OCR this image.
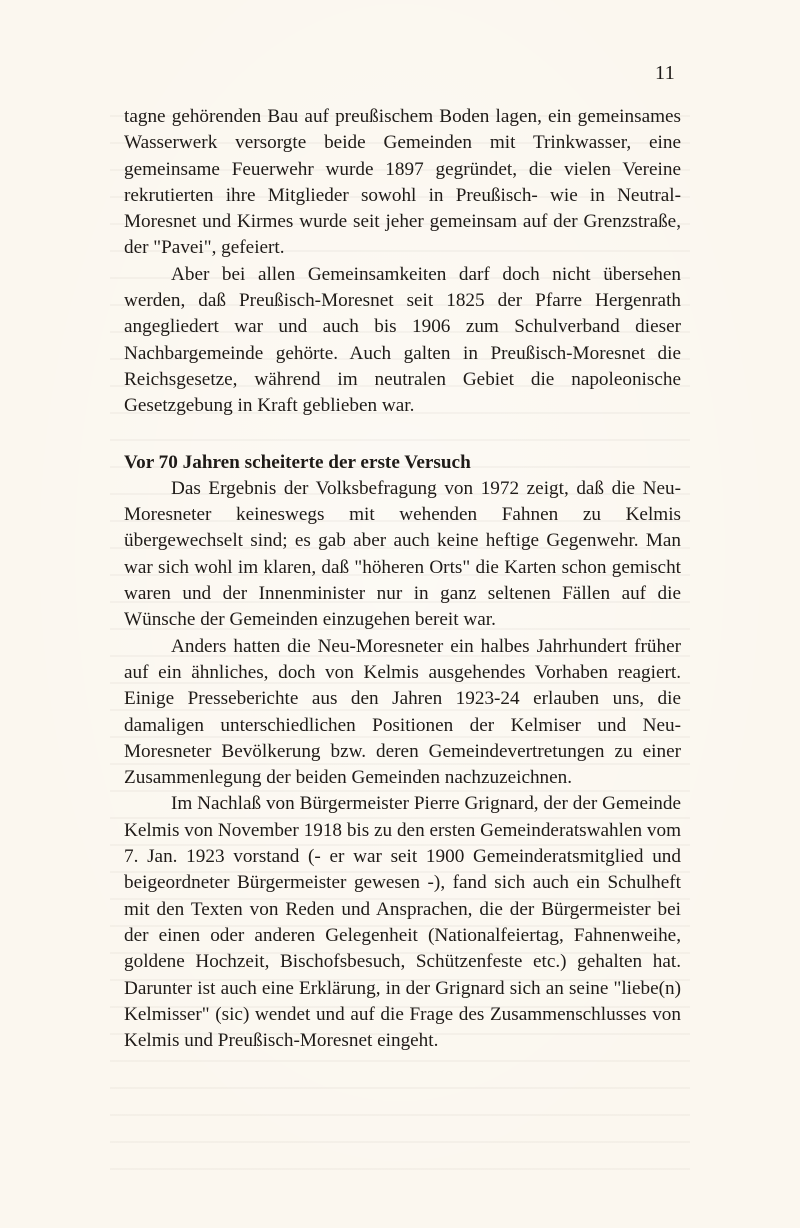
11

tagne gehörenden Bau auf preußischem Boden lagen, ein gemeinsames Wasserwerk versorgte beide Gemeinden mit Trinkwasser, eine gemeinsame Feuerwehr wurde 1897 gegründet, die vielen Vereine rekrutierten ihre Mitglieder sowohl in Preußisch- wie in Neutral-Moresnet und Kirmes wurde seit jeher gemeinsam auf der Grenzstraße, der "Pavei", gefeiert.

Aber bei allen Gemeinsamkeiten darf doch nicht übersehen werden, daß Preußisch-Moresnet seit 1825 der Pfarre Hergenrath angegliedert war und auch bis 1906 zum Schulverband dieser Nachbargemeinde gehörte. Auch galten in Preußisch-Moresnet die Reichsgesetze, während im neutralen Gebiet die napoleonische Gesetzgebung in Kraft geblieben war.

Vor 70 Jahren scheiterte der erste Versuch

Das Ergebnis der Volksbefragung von 1972 zeigt, daß die Neu-Moresneter keineswegs mit wehenden Fahnen zu Kelmis übergewechselt sind; es gab aber auch keine heftige Gegenwehr. Man war sich wohl im klaren, daß "höheren Orts" die Karten schon gemischt waren und der Innenminister nur in ganz seltenen Fällen auf die Wünsche der Gemeinden einzugehen bereit war.

Anders hatten die Neu-Moresneter ein halbes Jahrhundert früher auf ein ähnliches, doch von Kelmis ausgehendes Vorhaben reagiert. Einige Presseberichte aus den Jahren 1923-24 erlauben uns, die damaligen unterschiedlichen Positionen der Kelmiser und Neu-Moresneter Bevölkerung bzw. deren Gemeindevertretungen zu einer Zusammenlegung der beiden Gemeinden nachzuzeichnen.

Im Nachlaß von Bürgermeister Pierre Grignard, der der Gemeinde Kelmis von November 1918 bis zu den ersten Gemeinderatswahlen vom 7. Jan. 1923 vorstand (- er war seit 1900 Gemeinderatsmitglied und beigeordneter Bürgermeister gewesen -), fand sich auch ein Schulheft mit den Texten von Reden und Ansprachen, die der Bürgermeister bei der einen oder anderen Gelegenheit (Nationalfeiertag, Fahnenweihe, goldene Hochzeit, Bischofsbesuch, Schützenfeste etc.) gehalten hat. Darunter ist auch eine Erklärung, in der Grignard sich an seine "liebe(n) Kelmisser" (sic) wendet und auf die Frage des Zusammenschlusses von Kelmis und Preußisch-Moresnet eingeht.
